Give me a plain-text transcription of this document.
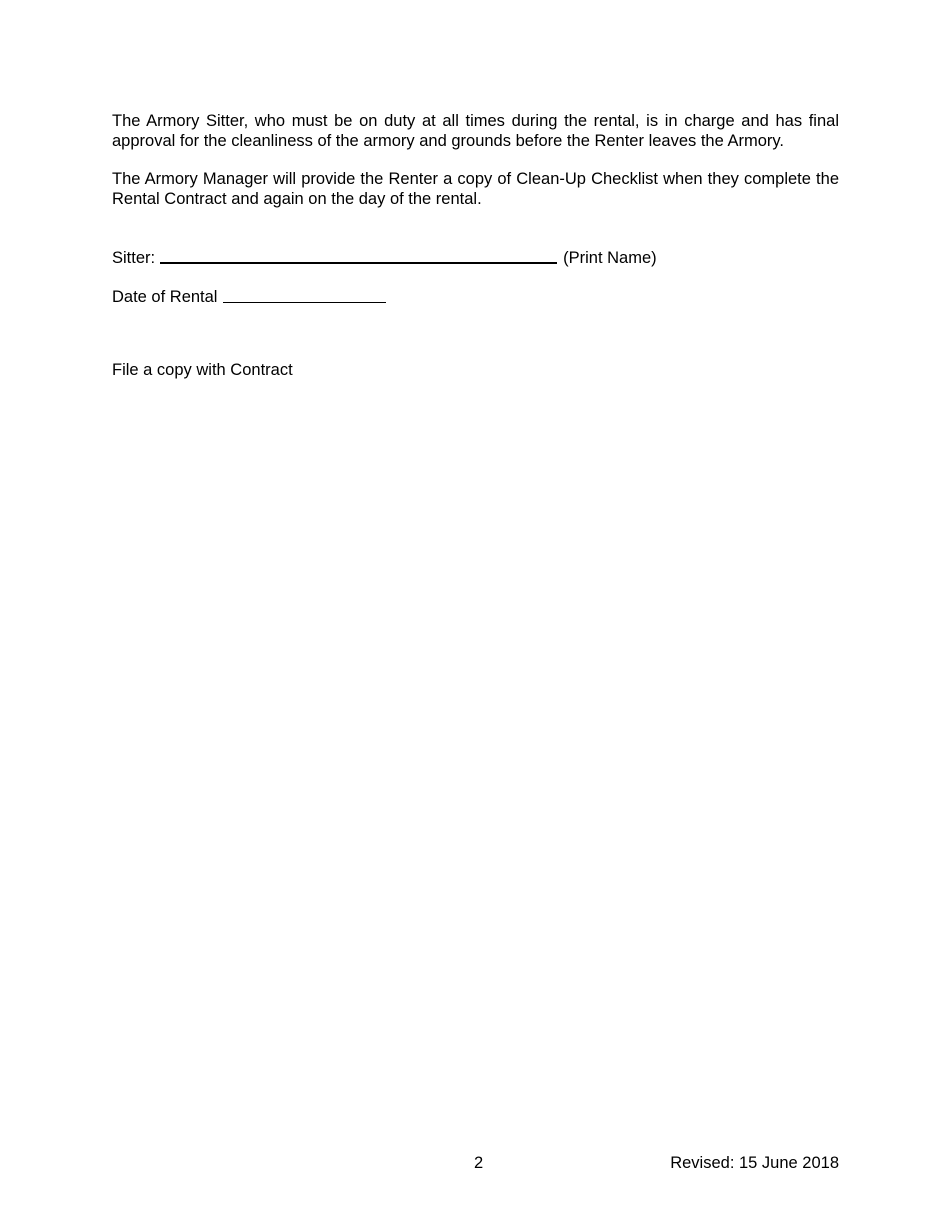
The Armory Sitter, who must be on duty at all times during the rental, is in charge and has final approval for the cleanliness of the armory and grounds before the Renter leaves the Armory.

The Armory Manager will provide the Renter a copy of Clean-Up Checklist when they complete the Rental Contract and again on the day of the rental.

Sitter:	(Print Name)
Date of Rental

File a copy with Contract

2	Revised: 15 June 2018
